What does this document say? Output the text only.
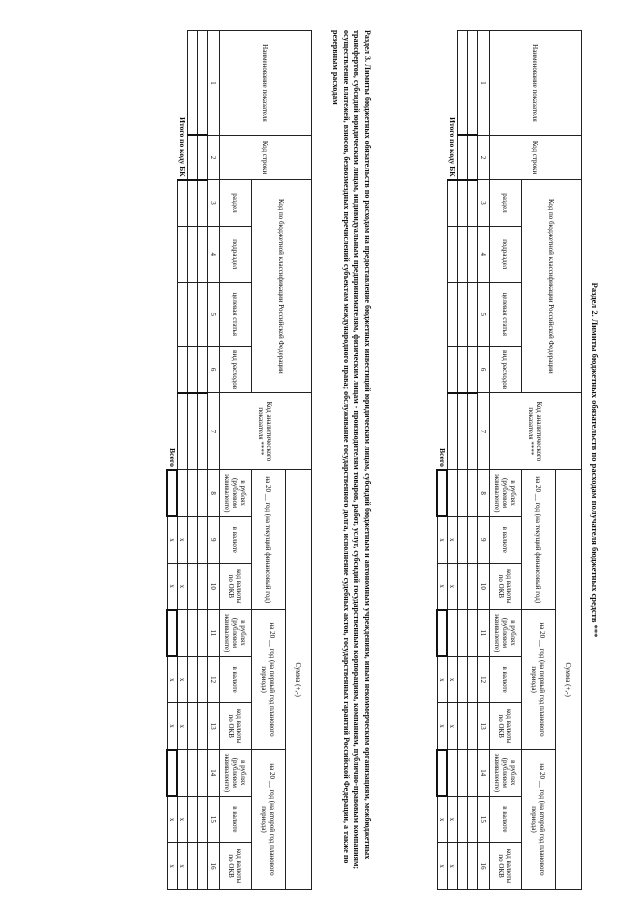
Раздел 2. Лимиты бюджетных обязательств по расходам получателя бюджетных средств ***
Наименование показателя	Код строки	Код по бюджетной классификации Российской Федерации				Код аналитического показателя ****	Сумма (+,-)								
							на 20 __ год (на текущий финансовый год)			на 20 __ год (на первый год планового периода)			на 20 __ год (на второй год планового периода)		
		раздел	подраздел	целевая статья	вид расходов		в рублях (рублевом эквиваленте)	в валюте	код валюты по ОКВ	в рублях (рублевом эквиваленте)	в валюте	код валюты по ОКВ	в рублях (рублевом эквиваленте)	в валюте	код валюты по ОКВ
1	2	3	4	5	6	7	8	9	10	11	12	13	14	15	16

Итого по коду БК								x	x		x	x		x	x
Всего								x	x		x	x		x	x
Раздел 3. Лимиты бюджетных обязательств по расходам на предоставление бюджетных инвестиций юридическим лицам, субсидий бюджетным и автономным учреждениям, иным некоммерческим организациям, межбюджетных трансфертов, субсидий юридическим лицам, индивидуальным предпринимателям, физическим лицам - производителям товаров, работ, услуг, субсидий государственным корпорациям, компаниям, публично-правовым компаниям; осуществление платежей, взносов, безвозмездных перечислений субъектам международного права; обслуживание государственного долга, исполнение судебных актов, государственных гарантий Российской Федерации, а также по резервным расходам
Наименование показателя	Код строки	Код по бюджетной классификации Российской Федерации				Код аналитического показателя ****	Сумма (+,-)								
							на 20 __ год (на текущий финансовый год)			на 20 __ год (на первый год планового периода)			на 20 __ год (на второй год планового периода)		
		раздел	подраздел	целевая статья	вид расходов		в рублях (рублевом эквиваленте)	в валюте	код валюты по ОКВ	в рублях (рублевом эквиваленте)	в валюте	код валюты по ОКВ	в рублях (рублевом эквиваленте)	в валюте	код валюты по ОКВ
1	2	3	4	5	6	7	8	9	10	11	12	13	14	15	16

Итого по коду БК								x	x		x	x		x	x
Всего								x	x		x	x		x	x
